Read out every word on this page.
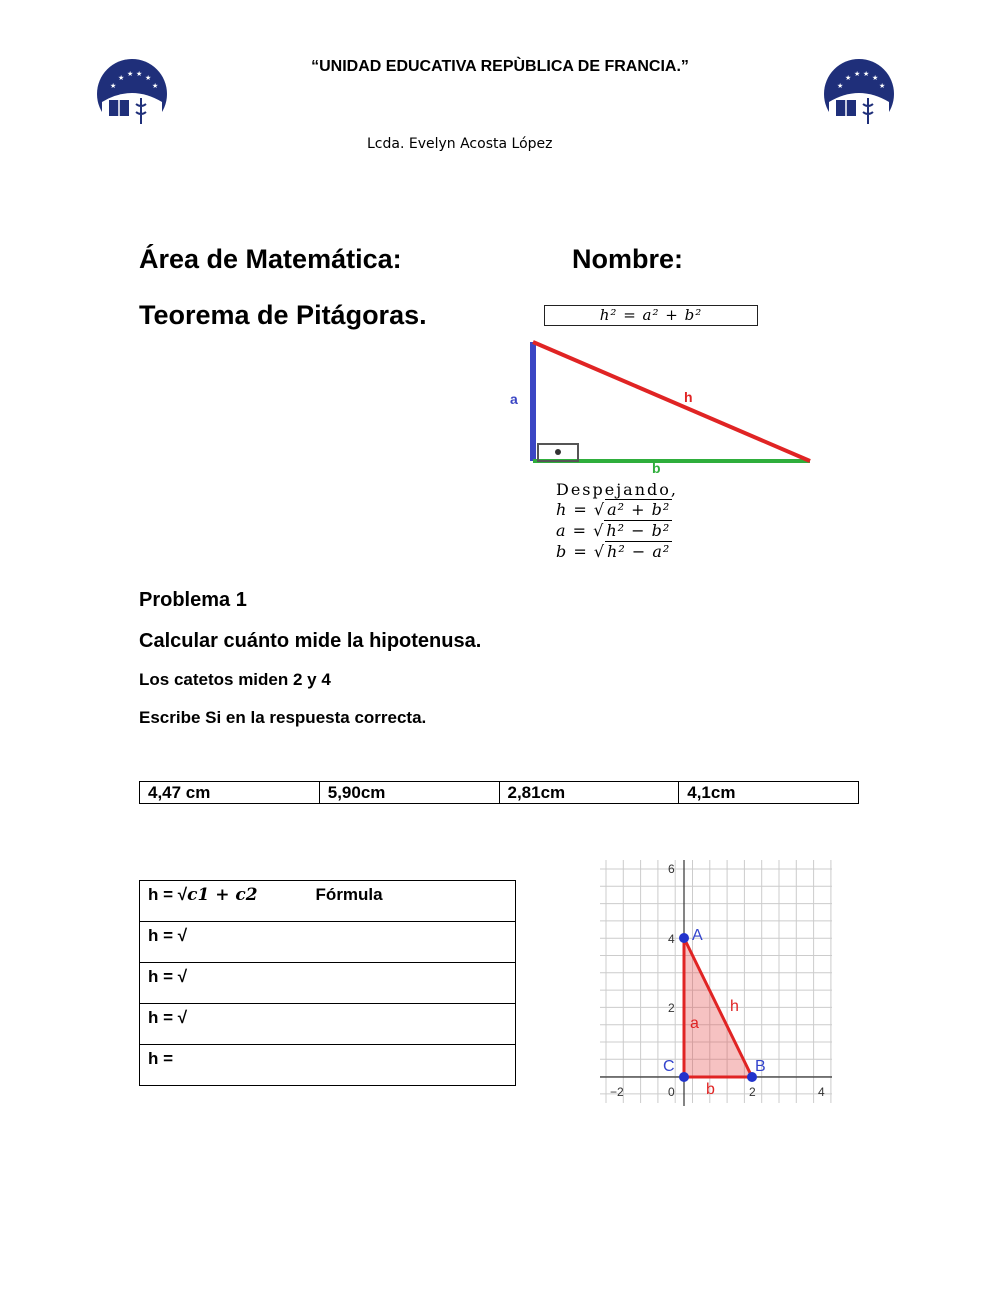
“UNIDAD EDUCATIVA REPÙBLICA DE FRANCIA.”
Lcda. Evelyn Acosta López
★
★ ★ ★ ★
★	★
★ ★ ★ ★
★
Área de Matemática:	Nombre:
Teorema de Pitágoras.	h² = a² + b²
a	h
b
Despejando,
h = √ a² + b²
a = √ h² − b²
b = √ h² − a²
Problema 1
Calcular cuánto mide la hipotenusa.
Los catetos miden 2 y 4
Escribe Si en la respuesta correcta.
4,47 cm	5,90cm	2,81cm	4,1cm
h = √c1 + c2	Fórmula
h = √
h = √
h = √
h =
A
B
C
a
b
h
6
4
2
0
−2	2	4
